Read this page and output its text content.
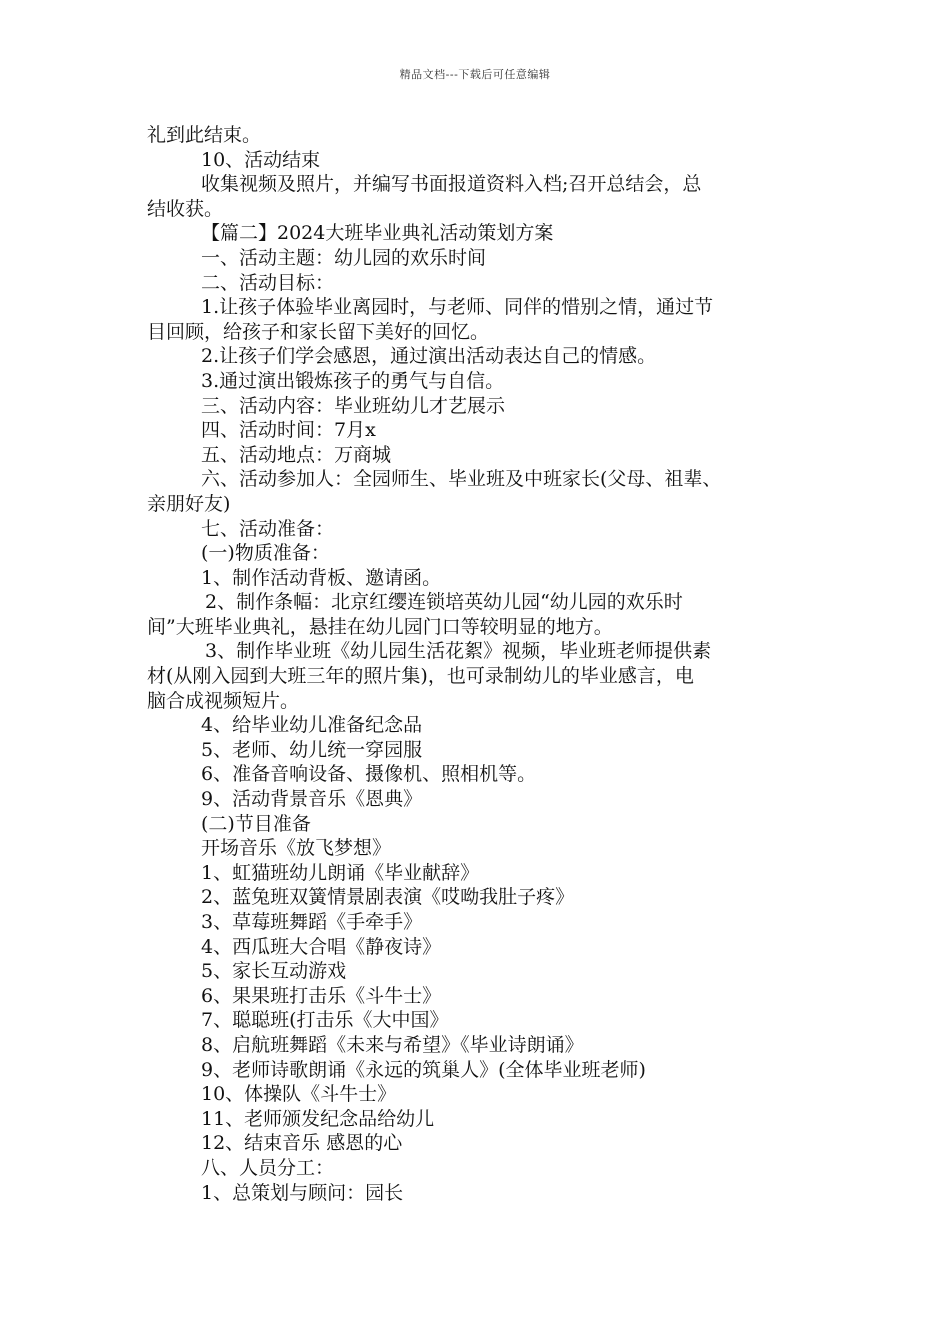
精品文档---下载后可任意编辑

礼到此结束。

10、活动结束

收集视频及照片，并编写书面报道资料入档;召开总结会，总

结收获。

【篇二】2024大班毕业典礼活动策划方案

一、活动主题：幼儿园的欢乐时间

二、活动目标：

1.让孩子体验毕业离园时，与老师、同伴的惜别之情，通过节

目回顾，给孩子和家长留下美好的回忆。

2.让孩子们学会感恩，通过演出活动表达自己的情感。

3.通过演出锻炼孩子的勇气与自信。

三、活动内容：毕业班幼儿才艺展示

四、活动时间：7月x

五、活动地点：万商城

六、活动参加人：全园师生、毕业班及中班家长(父母、祖辈、

亲朋好友)

七、活动准备：

(一)物质准备：

1、制作活动背板、邀请函。

2、制作条幅：北京红缨连锁培英幼儿园“幼儿园的欢乐时

间”大班毕业典礼，悬挂在幼儿园门口等较明显的地方。

3、制作毕业班《幼儿园生活花絮》视频，毕业班老师提供素

材(从刚入园到大班三年的照片集)，也可录制幼儿的毕业感言，电

脑合成视频短片。

4、给毕业幼儿准备纪念品

5、老师、幼儿统一穿园服

6、准备音响设备、摄像机、照相机等。

9、活动背景音乐《恩典》

(二)节目准备

开场音乐《放飞梦想》

1、虹猫班幼儿朗诵《毕业献辞》

2、蓝兔班双簧情景剧表演《哎呦我肚子疼》

3、草莓班舞蹈《手牵手》

4、西瓜班大合唱《静夜诗》

5、家长互动游戏

6、果果班打击乐《斗牛士》

7、聪聪班(打击乐《大中国》

8、启航班舞蹈《未来与希望》《毕业诗朗诵》

9、老师诗歌朗诵《永远的筑巢人》(全体毕业班老师)

10、体操队《斗牛士》

11、老师颁发纪念品给幼儿

12、结束音乐 感恩的心

八、人员分工：

1、总策划与顾问：园长
